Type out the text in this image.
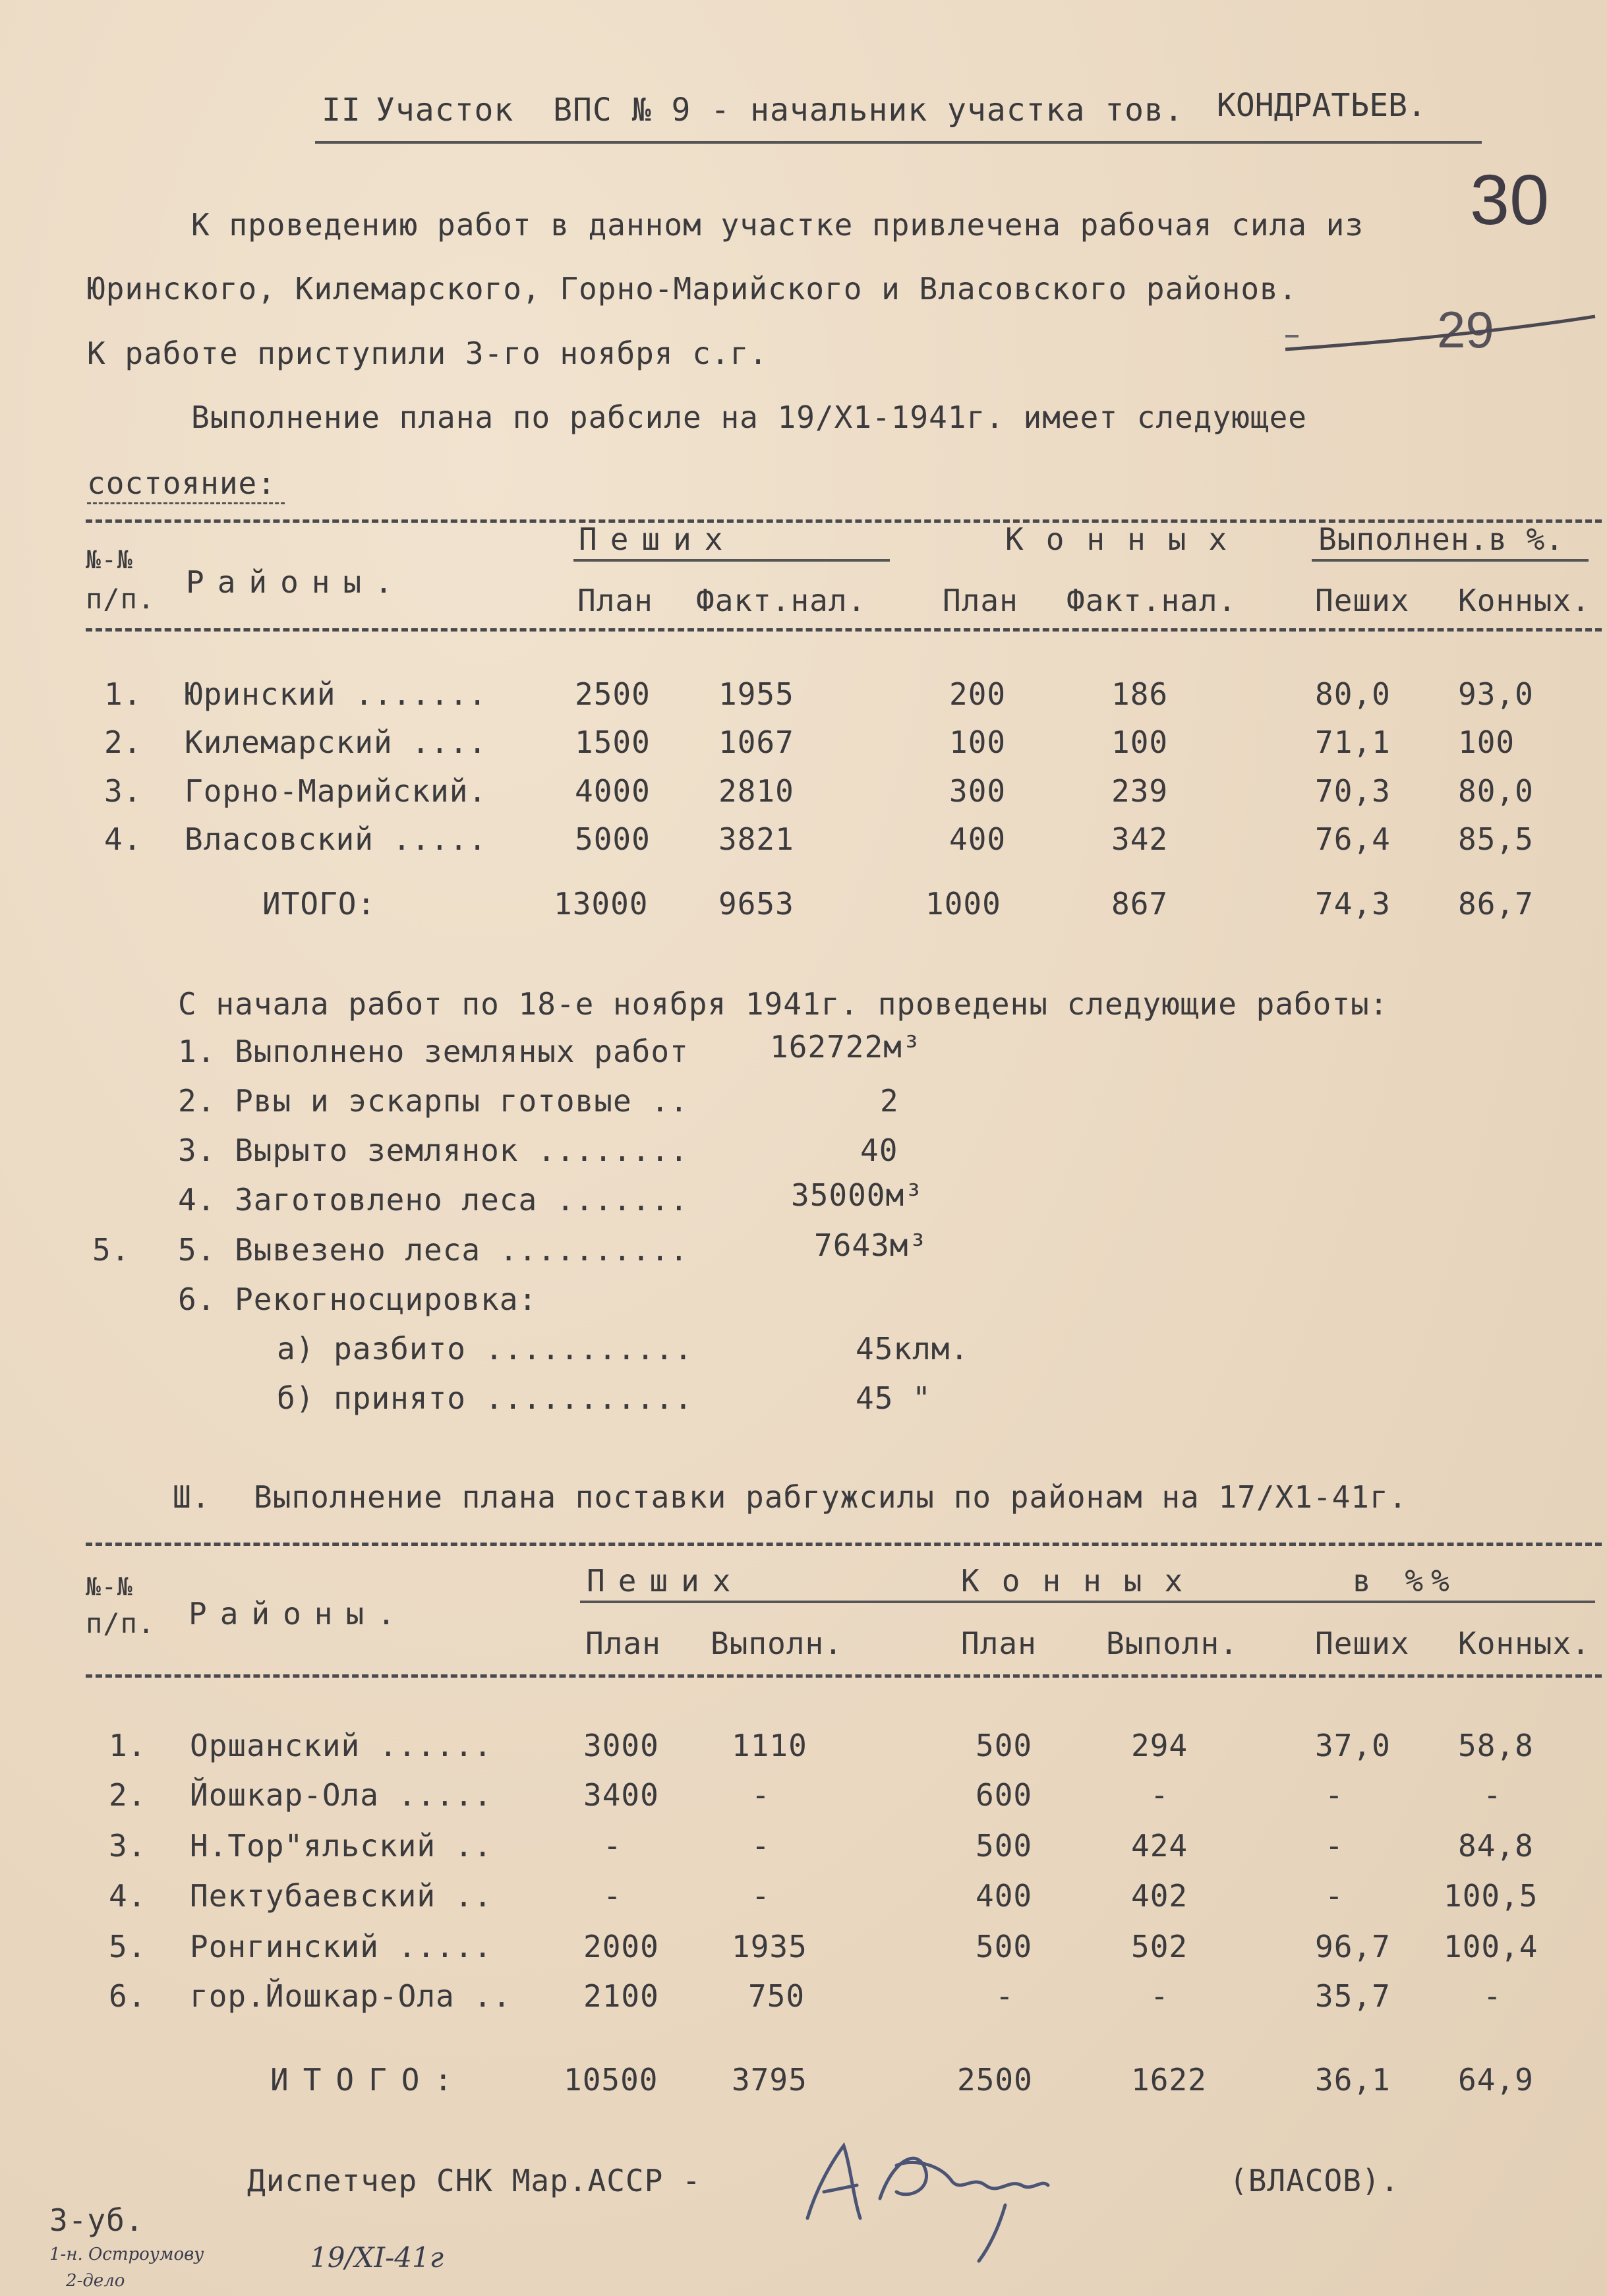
II Участок  ВПС № 9 - начальник участка тов. КОНДРАТЬЕВ.
30
29
К проведению работ в данном участке привлечена рабочая сила из
Юринского, Килемарского, Горно-Марийского и Власовского районов.
К работе приступили 3-го ноября с.г.
Выполнение плана по рабсиле на 19/Х1-1941г. имеет следующее
состояние:
№-№
п/п. Районы.
Пеших	Конных Выполнен.в %.
План Факт.нал.	План Факт.нал.	Пеших Конных.
1. Юринский .......	2500 1955	200	186	80,0 93,0
2. Килемарский ....	1500 1067	100	100	71,1 100
3. Горно-Марийский.	4000 2810	300	239	70,3 80,0
4. Власовский .....	5000 3821	400	342	76,4 85,5
ИТОГО:	13000 9653	1000	867	74,3 86,7
С начала работ по 18-е ноября 1941г. проведены следующие работы:
5.
1. Выполнено земляных работ	162722м³
2. Рвы и эскарпы готовые ..	2
3. Вырыто землянок ........	40
4. Заготовлено леса .......	35000м³
5. Вывезено леса ..........	7643м³
6. Рекогносцировка:
а) разбито ...........	45клм.
б) принято ...........	45 "
Ш. Выполнение плана поставки рабгужсилы по районам на 17/Х1-41г.
№-№
п/п. Районы.
Пеших	Конных	в %%
План Выполн.	План Выполн.	Пеших Конных.
1. Оршанский ......	3000 1110	500	294	37,0 58,8
2. Йошкар-Ола .....	3400	-	600	-	-	-
3. Н.Тор"яльский ..	-	-	500	424	-	84,8
4. Пектубаевский ..	-	-	400	402	-	100,5
5. Ронгинский .....	2000 1935	500	502	96,7 100,4
6. гор.Йошкар-Ола .. 2100	750	-	-	35,7	-
ИТОГО:	10500 3795	2500	1622	36,1 64,9
Диспетчер СНК Мар.АССР -	(ВЛАСОВ).
3-уб.
1-н. Остроумову
2-дело
19/XI-41г
